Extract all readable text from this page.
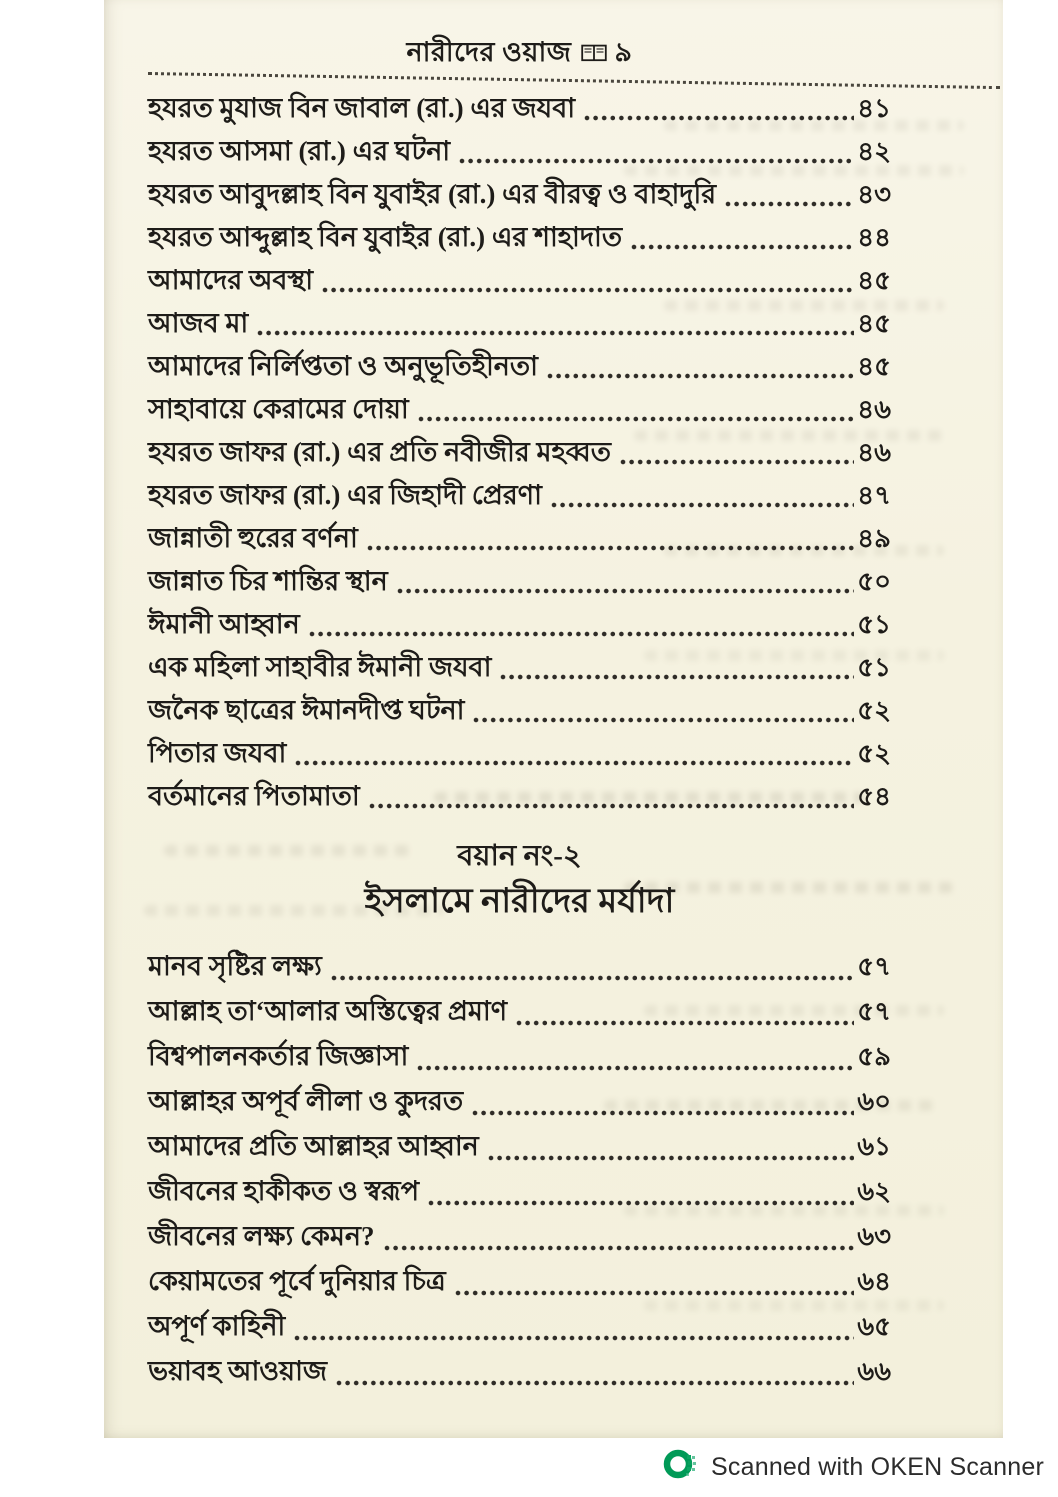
নারীদের ওয়াজ ৯
হযরত মুযাজ বিন জাবাল (রা.) এর জযবা	৪১
হযরত আসমা (রা.) এর ঘটনা	৪২
হযরত আবুদল্লাহ বিন যুবাইর (রা.) এর বীরত্ব ও বাহাদুরি	৪৩
হযরত আব্দুল্লাহ বিন যুবাইর (রা.) এর শাহাদাত	৪৪
আমাদের অবস্থা	৪৫
আজব মা	৪৫
আমাদের নির্লিপ্ততা ও অনুভূতিহীনতা	৪৫
সাহাবায়ে কেরামের দোয়া	৪৬
হযরত জাফর (রা.) এর প্রতি নবীজীর মহব্বত	৪৬
হযরত জাফর (রা.) এর জিহাদী প্রেরণা	৪৭
জান্নাতী হুরের বর্ণনা	৪৯
জান্নাত চির শান্তির স্থান	৫০
ঈমানী আহ্বান	৫১
এক মহিলা সাহাবীর ঈমানী জযবা	৫১
জনৈক ছাত্রের ঈমানদীপ্ত ঘটনা	৫২
পিতার জযবা	৫২
বর্তমানের পিতামাতা	৫৪
বয়ান নং-২
ইসলামে নারীদের মর্যাদা
মানব সৃষ্টির লক্ষ্য	৫৭
আল্লাহ তা‘আলার অস্তিত্বের প্রমাণ	৫৭
বিশ্বপালনকর্তার জিজ্ঞাসা	৫৯
আল্লাহর অপূর্ব লীলা ও কুদরত	৬০
আমাদের প্রতি আল্লাহর আহ্বান	৬১
জীবনের হাকীকত ও স্বরূপ	৬২
জীবনের লক্ষ্য কেমন?	৬৩
কেয়ামতের পূর্বে দুনিয়ার চিত্র	৬৪
অপূর্ণ কাহিনী	৬৫
ভয়াবহ আওয়াজ	৬৬
Scanned with OKEN Scanner
